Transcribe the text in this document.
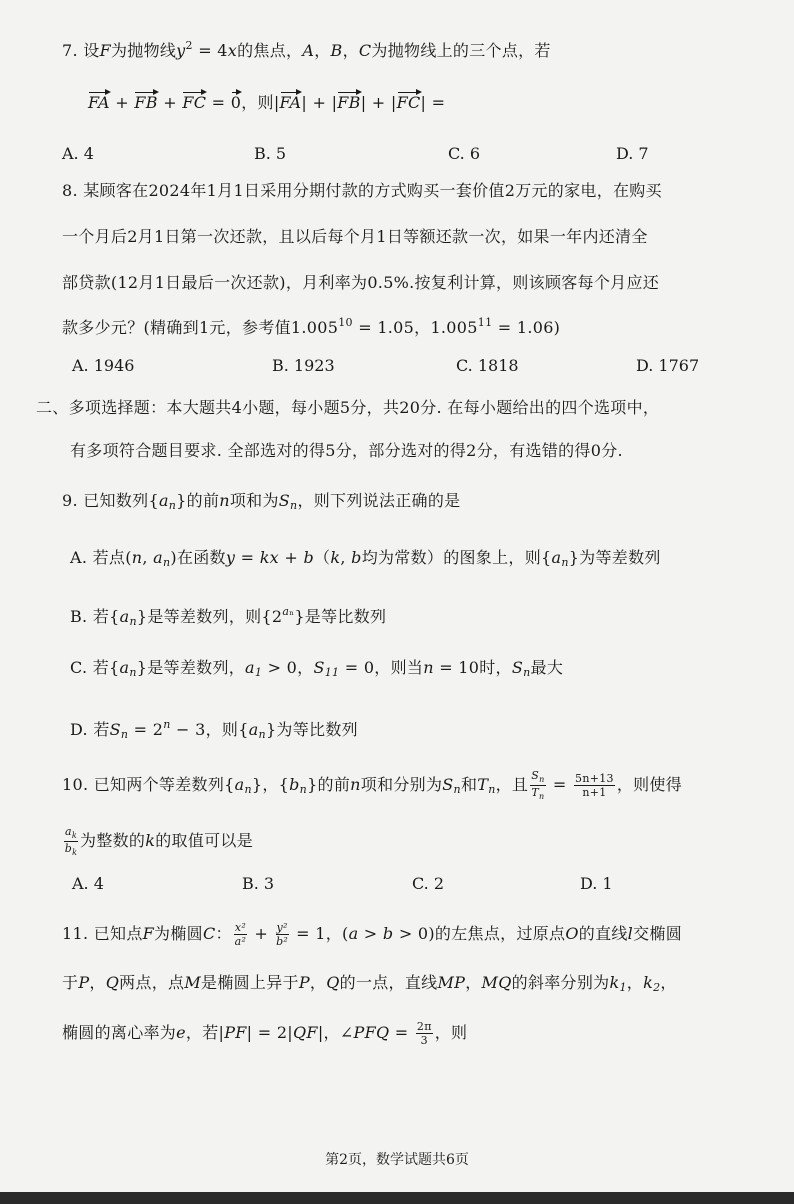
7. 设F为抛物线$y^2 = 4x$的焦点，A，B，C为抛物线上的三个点，若
FA + FB + FC = 0，则|FA| + |FB| + |FC| =
A. 4	B. 5	C. 6	D. 7
8. 某顾客在2024年1月1日采用分期付款的方式购买一套价值2万元的家电，在购买
一个月后2月1日第一次还款，且以后每个月1日等额还款一次，如果一年内还清全
部贷款(12月1日最后一次还款)，月利率为0.5%.按复利计算，则该顾客每个月应还
款多少元？(精确到1元，参考值$1.005^{10} = 1.05$，$1.005^{11} = 1.06$)
A. 1946	B. 1923	C. 1818	D. 1767
二、多项选择题：本大题共4小题，每小题5分，共20分. 在每小题给出的四个选项中，
有多项符合题目要求. 全部选对的得5分，部分选对的得2分，有选错的得0分.
9. 已知数列$\{a_n\}$的前n项和为$S_n$，则下列说法正确的是
A. 若点(n, $a_n$)在函数y = kx + b（k, b均为常数）的图象上，则$\{a_n\}$为等差数列
B. 若$\{a_n\}$是等差数列，则$\{2^{a_n}\}$是等比数列
C. 若$\{a_n\}$是等差数列，$a_1 > 0$，$S_{11} = 0$，则当n = 10时，$S_n$最大
D. 若$S_n = 2^n - 3$，则$\{a_n\}$为等比数列
10. 已知两个等差数列$\{a_n\}$，$\{b_n\}$的前n项和分别为$S_n$和$T_n$，且 $\frac{S_n}{T_n} = \frac{5n+13}{n+1}$ ，则使得
$\frac{a_k}{b_k}$ 为整数的k的取值可以是
A. 4	B. 3	C. 2	D. 1
11. 已知点F为椭圆C： $\frac{\text{x²}}{\text{a²}} + \frac{\text{y²}}{\text{b²}} = 1$，(a > b > 0)的左焦点，过原点O的直线l交椭圆
于P，Q两点，点M是椭圆上异于P，Q的一点，直线MP，MQ的斜率分别为$k_1$，$k_2$，
椭圆的离心率为e，若|PF| = 2|QF|，∠PFQ = $\frac{2\pi}{3}$ ，则
第2页，数学试题共6页
